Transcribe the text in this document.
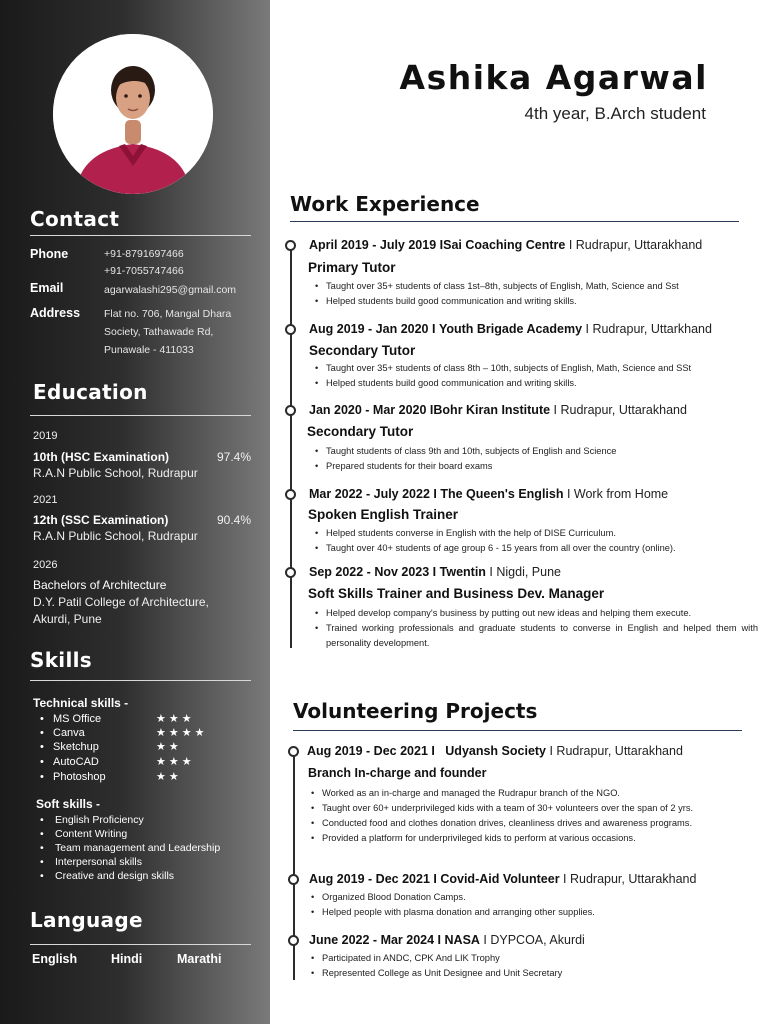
Contact
Phone	+91-8791697466
+91-7055747466
Email	agarwalashi295@gmail.com
Address Flat no. 706, Mangal Dhara
Society, Tathawade Rd,
Punawale - 411033
Education
2019
10th (HSC Examination)	97.4%
R.A.N Public School, Rudrapur
2021
12th (SSC Examination)	90.4%
R.A.N Public School, Rudrapur
2026
Bachelors of Architecture
D.Y. Patil College of Architecture,
Akurdi, Pune
Skills
Technical skills -
• MS Office	★★★
• Canva	★★★★
• Sketchup	★★
• AutoCAD	★★★
• Photoshop	★★
Soft skills -
• English Proficiency
• Content Writing
• Team management and Leadership
• Interpersonal skills
• Creative and design skills
Language
English	Hindi	Marathi
Ashika Agarwal
4th year, B.Arch student
Work Experience
April 2019 - July 2019 ISai Coaching Centre I Rudrapur, Uttarakhand
Primary Tutor
• Taught over 35+ students of class 1st–8th, subjects of English, Math, Science and Sst
• Helped students build good communication and writing skills.
Aug 2019 - Jan 2020 I Youth Brigade Academy I Rudrapur, Uttarkhand
Secondary Tutor
• Taught over 35+ students of class 8th – 10th, subjects of English, Math, Science and SSt
• Helped students build good communication and writing skills.
Jan 2020 - Mar 2020 IBohr Kiran Institute I Rudrapur, Uttarakhand
Secondary Tutor
• Taught students of class 9th and 10th, subjects of English and Science
• Prepared students for their board exams
Mar 2022 - July 2022 I The Queen's English I Work from Home
Spoken English Trainer
• Helped students converse in English with the help of DISE Curriculum.
• Taught over 40+ students of age group 6 - 15 years from all over the country (online).
Sep 2022 - Nov 2023 I Twentin I Nigdi, Pune
Soft Skills Trainer and Business Dev. Manager
• Helped develop company's business by putting out new ideas and helping them execute.
• Trained working professionals and graduate students to converse in English and helped them with personality development.
Volunteering Projects
Aug 2019 - Dec 2021 I Udyansh Society I Rudrapur, Uttarakhand
Branch In-charge and founder
• Worked as an in-charge and managed the Rudrapur branch of the NGO.
• Taught over 60+ underprivileged kids with a team of 30+ volunteers over the span of 2 yrs.
• Conducted food and clothes donation drives, cleanliness drives and awareness programs.
• Provided a platform for underprivileged kids to perform at various occasions.
Aug 2019 - Dec 2021 I Covid-Aid Volunteer I Rudrapur, Uttarakhand
• Organized Blood Donation Camps.
• Helped people with plasma donation and arranging other supplies.
June 2022 - Mar 2024 I NASA I DYPCOA, Akurdi
• Participated in ANDC, CPK And LIK Trophy
• Represented College as Unit Designee and Unit Secretary
